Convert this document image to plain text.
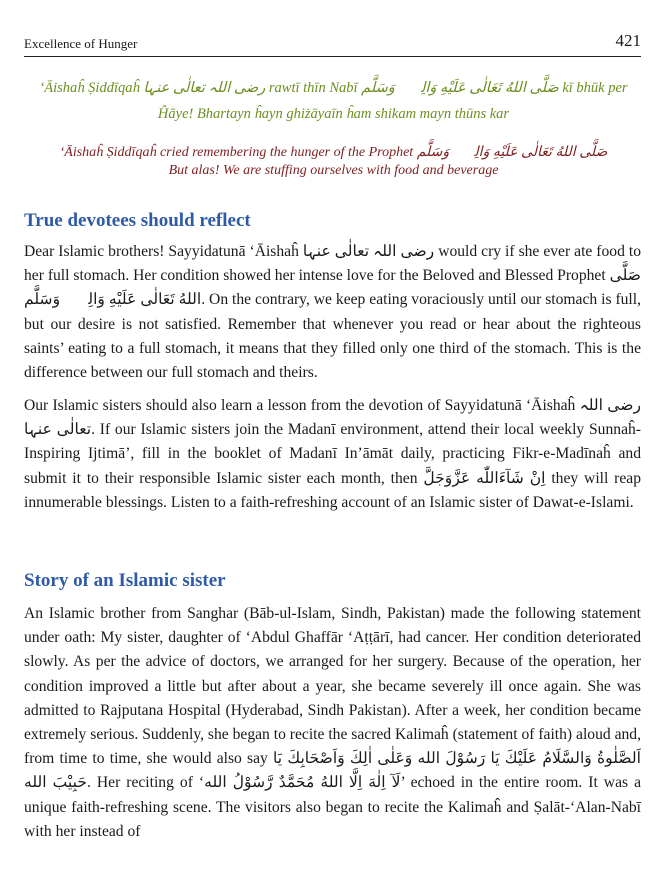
Excellence of Hunger	421
‘Āishaĥ Ṣiddīqaĥ رضی اللہ تعالٰی عنہا rawtī thīn Nabī صَلَّى اللهُ تَعَالٰى عَلَيْهِ وَالِهٖ وَسَلَّم kī bhūk per
Ĥāye! Bhartayn ĥayn ghiżāyaīn ĥam shikam mayn thūns kar
‘Āishaĥ Ṣiddīqaĥ cried remembering the hunger of the Prophet صَلَّى اللهُ تَعَالٰى عَلَيْهِ وَالِهٖ وَسَلَّم
But alas! We are stuffing ourselves with food and beverage
True devotees should reflect

Dear Islamic brothers! Sayyidatunā ‘Āishaĥ رضی اللہ تعالٰی عنہا would cry if she ever ate food to her full stomach. Her condition showed her intense love for the Beloved and Blessed Prophet صَلَّى اللهُ تَعَالٰى عَلَيْهِ وَالِهٖ وَسَلَّم. On the contrary, we keep eating voraciously until our stomach is full, but our desire is not satisfied. Remember that whenever you read or hear about the righteous saints’ eating to a full stomach, it means that they filled only one third of the stomach. This is the difference between our full stomach and theirs.

Our Islamic sisters should also learn a lesson from the devotion of Sayyidatunā ‘Āishaĥ رضی اللہ تعالٰی عنہا. If our Islamic sisters join the Madanī environment, attend their local weekly Sunnaĥ-Inspiring Ijtimā’, fill in the booklet of Madanī In’āmāt daily, practicing Fikr-e-Madīnaĥ and submit it to their responsible Islamic sister each month, then اِنْ شَآءَاللّٰه عَزَّوَجَلَّ they will reap innumerable blessings. Listen to a faith-refreshing account of an Islamic sister of Dawat-e-Islami.

Story of an Islamic sister

An Islamic brother from Sanghar (Bāb-ul-Islam, Sindh, Pakistan) made the following statement under oath: My sister, daughter of ‘Abdul Ghaffār ‘Aṭṭārī, had cancer. Her condition deteriorated slowly. As per the advice of doctors, we arranged for her surgery. Because of the operation, her condition improved a little but after about a year, she became severely ill once again. She was admitted to Rajputana Hospital (Hyderabad, Sindh Pakistan). After a week, her condition became extremely serious. Suddenly, she began to recite the sacred Kalimaĥ (statement of faith) aloud and, from time to time, she would also say اَلصَّلٰوةُ وَالسَّلَامُ عَلَيْكَ يَا رَسُوْلَ الله وَعَلٰى اٰلِكَ وَاَصْحَابِكَ يَا حَبِيْبَ الله. Her reciting of ‘لَآ اِلٰهَ اِلَّا اللهُ مُحَمَّدٌ رَّسُوْلُ الله’ echoed in the entire room. It was a unique faith-refreshing scene. The visitors also began to recite the Kalimaĥ and Ṣalāt-‘Alan-Nabī with her instead of
